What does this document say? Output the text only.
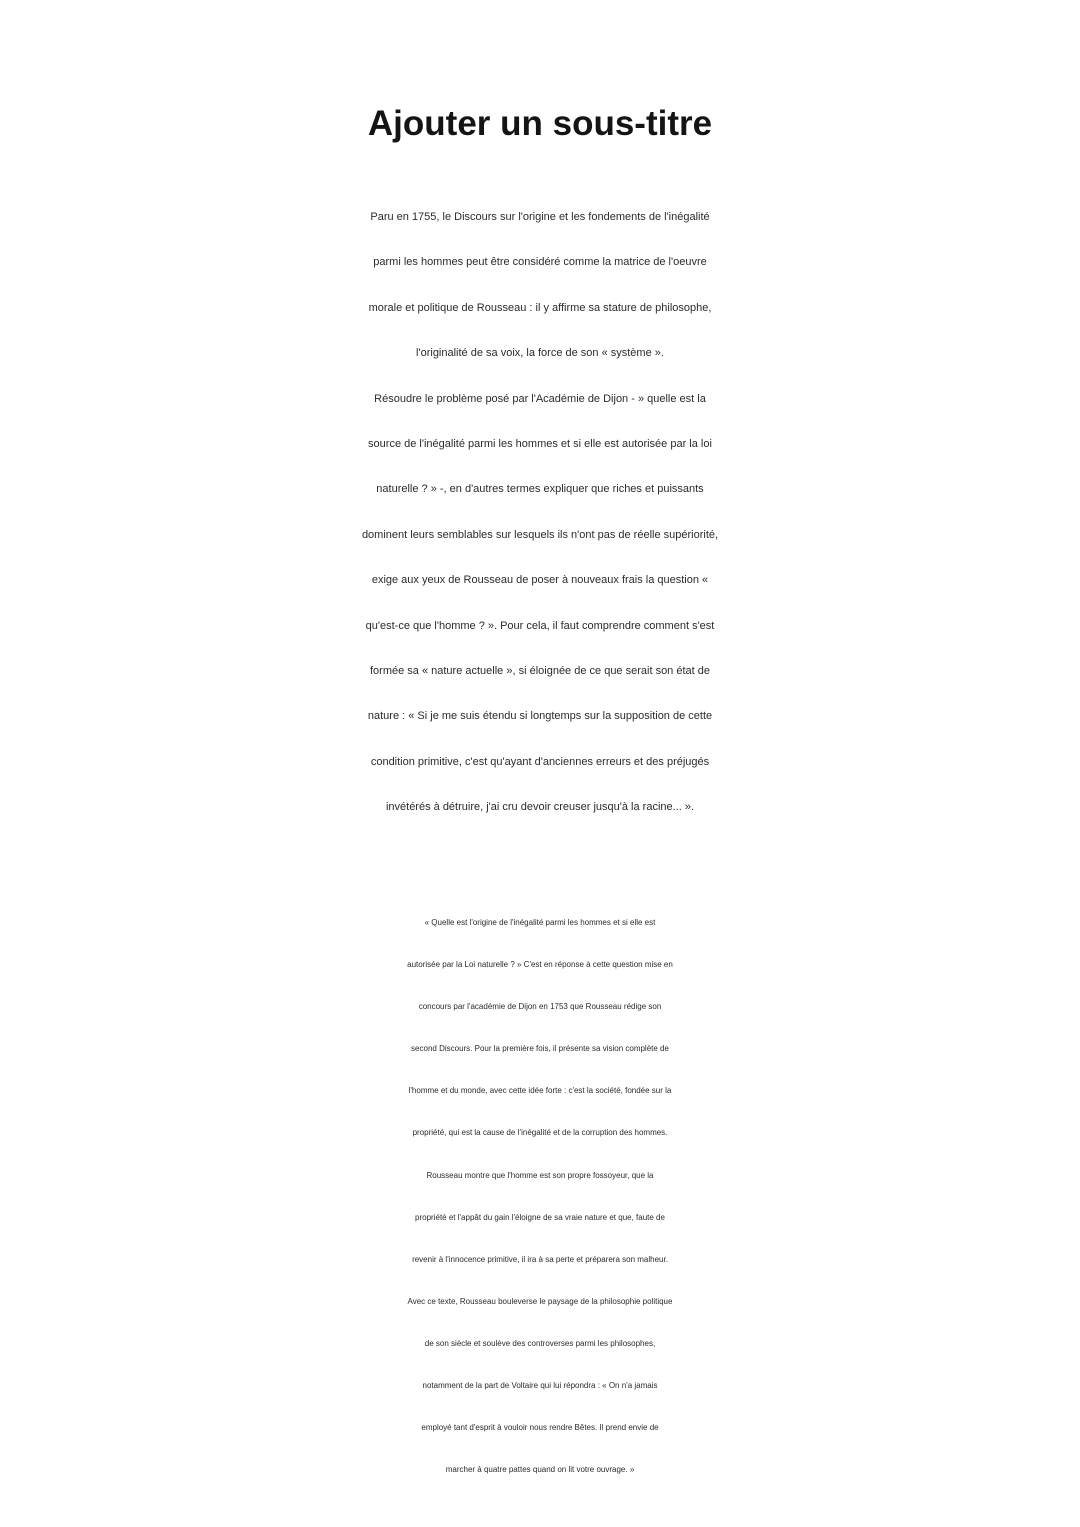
Ajouter un sous-titre
Paru en 1755, le Discours sur l'origine et les fondements de l'inégalité
parmi les hommes peut être considéré comme la matrice de l'oeuvre
morale et politique de Rousseau : il y affirme sa stature de philosophe,
l'originalité de sa voix, la force de son « système ».
Résoudre le problème posé par l'Académie de Dijon - » quelle est la
source de l'inégalité parmi les hommes et si elle est autorisée par la loi
naturelle ? » -, en d'autres termes expliquer que riches et puissants
dominent leurs semblables sur lesquels ils n'ont pas de réelle supériorité,
exige aux yeux de Rousseau de poser à nouveaux frais la question «
qu'est-ce que l'homme ? ». Pour cela, il faut comprendre comment s'est
formée sa « nature actuelle », si éloignée de ce que serait son état de
nature : « Si je me suis étendu si longtemps sur la supposition de cette
condition primitive, c'est qu'ayant d'anciennes erreurs et des préjugés
invétérés à détruire, j'ai cru devoir creuser jusqu'à la racine... ».
« Quelle est l'origine de l'inégalité parmi les hommes et si elle est
autorisée par la Loi naturelle ? » C'est en réponse à cette question mise en
concours par l'académie de Dijon en 1753 que Rousseau rédige son
second Discours. Pour la première fois, il présente sa vision complète de
l'homme et du monde, avec cette idée forte : c'est la société, fondée sur la
propriété, qui est la cause de l’inégalité et de la corruption des hommes.
Rousseau montre que l'homme est son propre fossoyeur, que la
propriété et l'appât du gain l'éloigne de sa vraie nature et que, faute de
revenir à l'innocence primitive, il ira à sa perte et préparera son malheur.
Avec ce texte, Rousseau bouleverse le paysage de la philosophie politique
de son siècle et soulève des controverses parmi les philosophes,
notamment de la part de Voltaire qui lui répondra : « On n'a jamais
employé tant d'esprit à vouloir nous rendre Bêtes. Il prend envie de
marcher à quatre pattes quand on lit votre ouvrage. »
